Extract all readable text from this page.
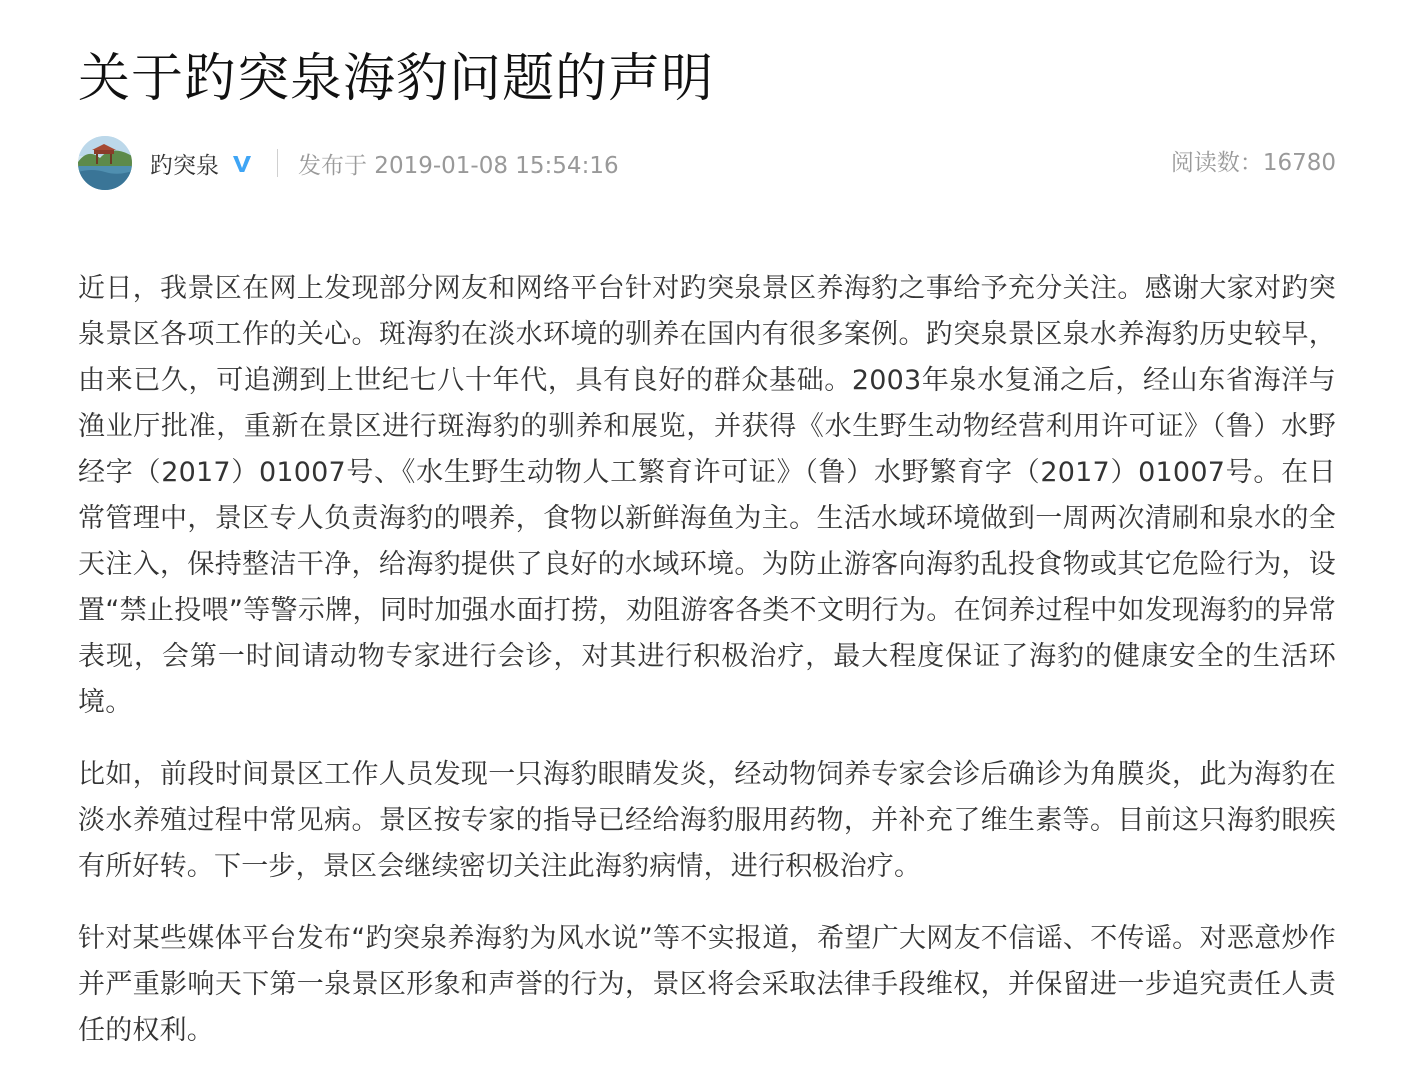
关于趵突泉海豹问题的声明
趵突泉	发布于 2019-01-08 15:54:16	阅读数：16780

近日，我景区在网上发现部分网友和网络平台针对趵突泉景区养海豹之事给予充分关注。感谢大家对趵突泉景区各项工作的关心。斑海豹在淡水环境的驯养在国内有很多案例。趵突泉景区泉水养海豹历史较早，由来已久，可追溯到上世纪七八十年代，具有良好的群众基础。2003年泉水复涌之后，经山东省海洋与渔业厅批准，重新在景区进行斑海豹的驯养和展览，并获得《水生野生动物经营利用许可证》（鲁）水野经字（2017）01007号、《水生野生动物人工繁育许可证》（鲁）水野繁育字（2017）01007号。在日常管理中，景区专人负责海豹的喂养，食物以新鲜海鱼为主。生活水域环境做到一周两次清刷和泉水的全天注入，保持整洁干净，给海豹提供了良好的水域环境。为防止游客向海豹乱投食物或其它危险行为，设置“禁止投喂”等警示牌，同时加强水面打捞，劝阻游客各类不文明行为。在饲养过程中如发现海豹的异常表现，会第一时间请动物专家进行会诊，对其进行积极治疗，最大程度保证了海豹的健康安全的生活环境。

比如，前段时间景区工作人员发现一只海豹眼睛发炎，经动物饲养专家会诊后确诊为角膜炎，此为海豹在淡水养殖过程中常见病。景区按专家的指导已经给海豹服用药物，并补充了维生素等。目前这只海豹眼疾有所好转。下一步，景区会继续密切关注此海豹病情，进行积极治疗。

针对某些媒体平台发布“趵突泉养海豹为风水说”等不实报道，希望广大网友不信谣、不传谣。对恶意炒作并严重影响天下第一泉景区形象和声誉的行为，景区将会采取法律手段维权，并保留进一步追究责任人责任的权利。
